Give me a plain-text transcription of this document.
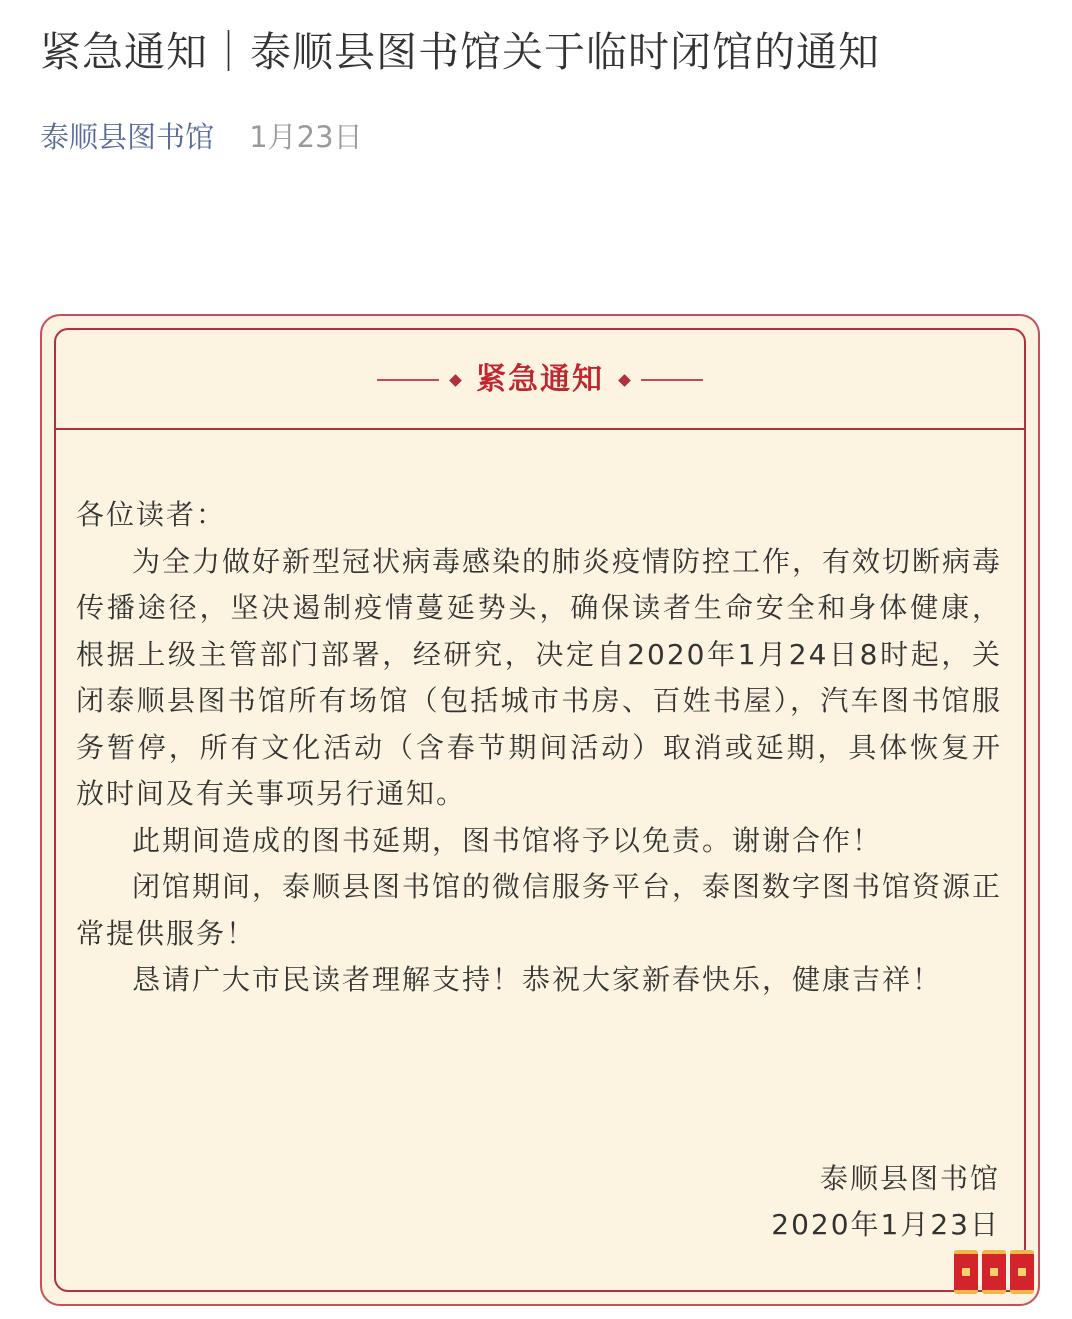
紧急通知｜泰顺县图书馆关于临时闭馆的通知
泰顺县图书馆 1月23日
紧急通知

各位读者：

为全力做好新型冠状病毒感染的肺炎疫情防控工作，有效切断病毒传播途径，坚决遏制疫情蔓延势头，确保读者生命安全和身体健康，根据上级主管部门部署，经研究，决定自2020年1月24日8时起，关闭泰顺县图书馆所有场馆（包括城市书房、百姓书屋），汽车图书馆服务暂停，所有文化活动（含春节期间活动）取消或延期，具体恢复开放时间及有关事项另行通知。

此期间造成的图书延期，图书馆将予以免责。谢谢合作！

闭馆期间，泰顺县图书馆的微信服务平台，泰图数字图书馆资源正常提供服务！

恳请广大市民读者理解支持！恭祝大家新春快乐，健康吉祥！

泰顺县图书馆
2020年1月23日
